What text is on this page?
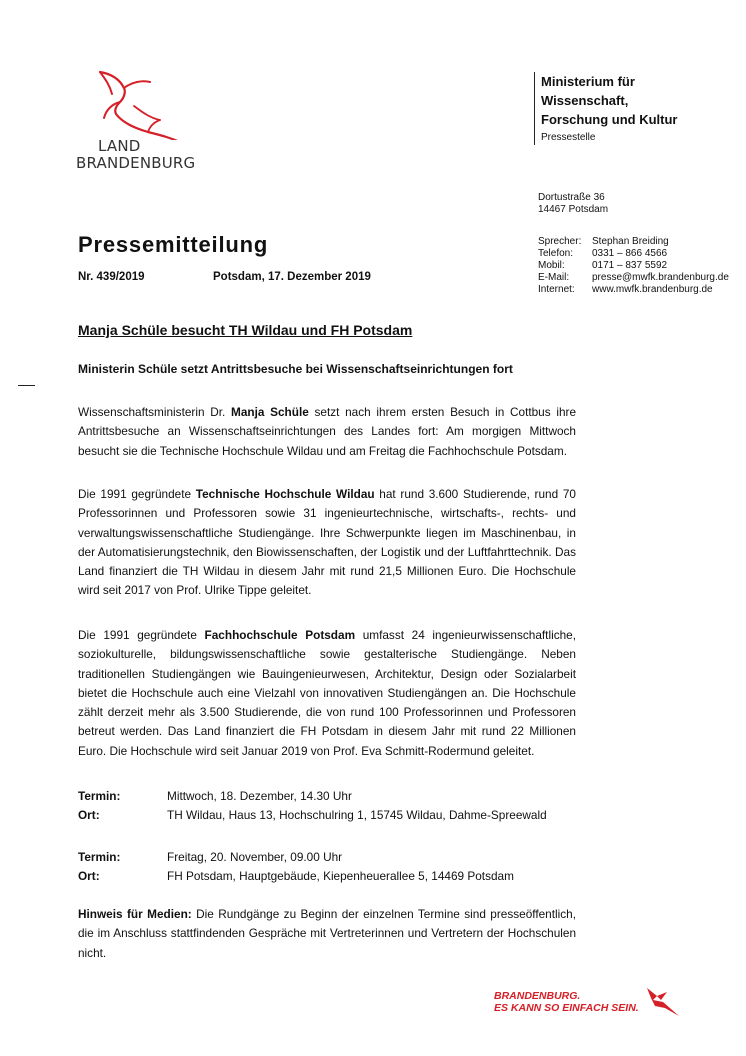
LAND
BRANDENBURG
Ministerium für
Wissenschaft,
Forschung und Kultur
Pressestelle
Dortustraße 36
14467 Potsdam
Sprecher: Stephan Breiding
Telefon: 0331 – 866 4566
Mobil:	0171 – 837 5592
E-Mail: presse@mwfk.brandenburg.de
Internet: www.mwfk.brandenburg.de
Pressemitteilung
Nr. 439/2019	Potsdam, 17. Dezember 2019
Manja Schüle besucht TH Wildau und FH Potsdam
Ministerin Schüle setzt Antrittsbesuche bei Wissenschaftseinrichtungen fort
Wissenschaftsministerin Dr. Manja Schüle setzt nach ihrem ersten Besuch in Cottbus ihre Antrittsbesuche an Wissenschaftseinrichtungen des Landes fort: Am morgigen Mittwoch besucht sie die Technische Hochschule Wildau und am Freitag die Fachhochschule Potsdam.
Die 1991 gegründete Technische Hochschule Wildau hat rund 3.600 Studierende, rund 70 Professorinnen und Professoren sowie 31 ingenieurtechnische, wirtschafts-, rechts- und verwaltungswissenschaftliche Studiengänge. Ihre Schwerpunkte liegen im Maschinenbau, in der Automatisierungstechnik, den Biowissenschaften, der Logistik und der Luftfahrttechnik. Das Land finanziert die TH Wildau in diesem Jahr mit rund 21,5 Millionen Euro. Die Hochschule wird seit 2017 von Prof. Ulrike Tippe geleitet.
Die 1991 gegründete Fachhochschule Potsdam umfasst 24 ingenieurwissenschaftliche, soziokulturelle, bildungswissenschaftliche sowie gestalterische Studiengänge. Neben traditionellen Studiengängen wie Bauingenieurwesen, Architektur, Design oder Sozialarbeit bietet die Hochschule auch eine Vielzahl von innovativen Studiengängen an. Die Hochschule zählt derzeit mehr als 3.500 Studierende, die von rund 100 Professorinnen und Professoren betreut werden. Das Land finanziert die FH Potsdam in diesem Jahr mit rund 22 Millionen Euro. Die Hochschule wird seit Januar 2019 von Prof. Eva Schmitt-Rodermund geleitet.
Termin:	Mittwoch, 18. Dezember, 14.30 Uhr
Ort:	TH Wildau, Haus 13, Hochschulring 1, 15745 Wildau, Dahme-Spreewald
Termin:	Freitag, 20. November, 09.00 Uhr
Ort:	FH Potsdam, Hauptgebäude, Kiepenheuerallee 5, 14469 Potsdam
Hinweis für Medien: Die Rundgänge zu Beginn der einzelnen Termine sind presseöffentlich, die im Anschluss stattfindenden Gespräche mit Vertreterinnen und Vertretern der Hochschulen nicht.
BRANDENBURG.
ES KANN SO EINFACH SEIN.
